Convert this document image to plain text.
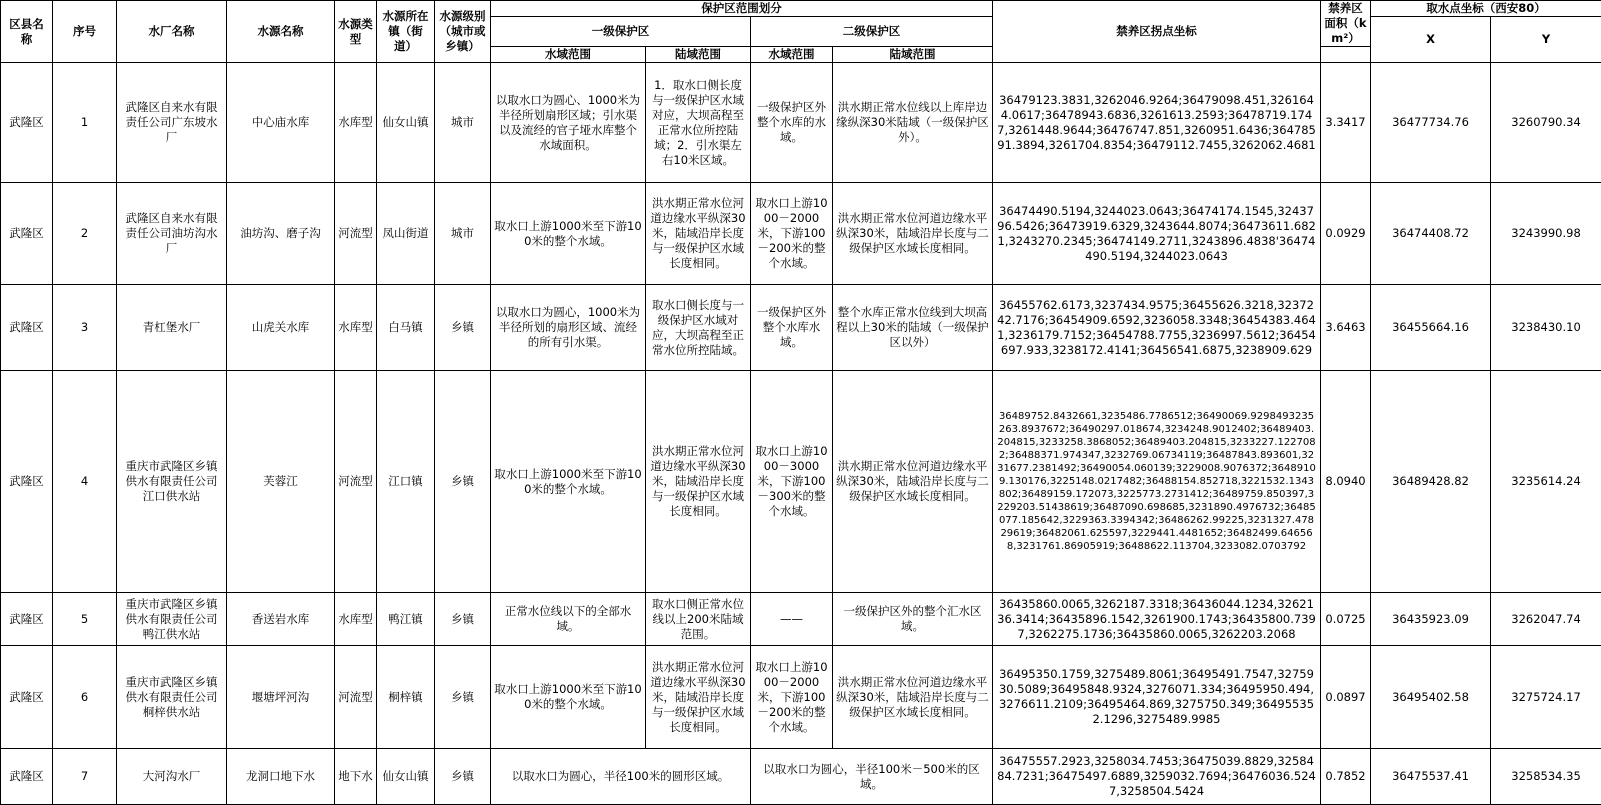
区县名称	序号	水厂名称	水源名称	水源类型	水源所在镇（街道）	水源级别（城市或乡镇）	保护区范围划分				禁养区拐点坐标	禁养区面积（km²）	取水点坐标（西安80）	
							一级保护区		二级保护区				X	Y
							水域范围	陆域范围	水域范围	陆域范围				
武隆区	1	武隆区自来水有限责任公司广东坡水厂	中心庙水库	水库型	仙女山镇	城市	以取水口为圆心、1000米为半径所划扇形区域；引水渠以及流经的官子垭水库整个水域面积。	1．取水口侧长度与一级保护区水域对应，大坝高程至正常水位所控陆域；2．引水渠左右10米区域。	一级保护区外整个水库的水域。	洪水期正常水位线以上库岸边缘纵深30米陆域（一级保护区外）。	36479123.3831,3262046.9264;36479098.451,3261644.0617;36478943.6836,3261613.2593;36478719.1747,3261448.9644;36476747.851,3260951.6436;36478591.3894,3261704.8354;36479112.7455,3262062.4681	3.3417	36477734.76	3260790.34
武隆区	2	武隆区自来水有限责任公司油坊沟水厂	油坊沟、磨子沟	河流型	凤山街道	城市	取水口上游1000米至下游100米的整个水域。	洪水期正常水位河道边缘水平纵深30米，陆域沿岸长度与一级保护区水域长度相同。	取水口上游1000－2000米，下游100－200米的整个水域。	洪水期正常水位河道边缘水平纵深30米，陆域沿岸长度与二级保护区水域长度相同。	36474490.5194,3244023.0643;36474174.1545,3243796.5426;36473919.6329,3243644.8074;36473611.6821,3243270.2345;36474149.2711,3243896.4838'36474490.5194,3244023.0643	0.0929	36474408.72	3243990.98
武隆区	3	青杠堡水厂	山虎关水库	水库型	白马镇	乡镇	以取水口为圆心，1000米为半径所划的扇形区域、流经的所有引水渠。	取水口侧长度与一级保护区水域对应，大坝高程至正常水位所控陆域。	一级保护区外整个水库水域。	整个水库正常水位线到大坝高程以上30米的陆域（一级保护区以外）	36455762.6173,3237434.9575;36455626.3218,3237242.7176;36454909.6592,3236058.3348;36454383.4641,3236179.7152;36454788.7755,3236997.5612;36454697.933,3238172.4141;36456541.6875,3238909.629	3.6463	36455664.16	3238430.10
武隆区	4	重庆市武隆区乡镇供水有限责任公司江口供水站	芙蓉江	河流型	江口镇	乡镇	取水口上游1000米至下游100米的整个水域。	洪水期正常水位河道边缘水平纵深30米，陆域沿岸长度与一级保护区水域长度相同。	取水口上游1000－3000米，下游100－300米的整个水域。	洪水期正常水位河道边缘水平纵深30米，陆域沿岸长度与二级保护区水域长度相同。	36489752.8432661,3235486.7786512;36490069.9298493235263.8937672;36490297.018674,3234248.9012402;36489403.204815,3233258.3868052;36489403.204815,3233227.1227082;36488371.974347,3232769.06734119;36487843.893601,3231677.2381492;36490054.060139;3229008.9076372;36489109.130176,3225148.0217482;36488154.852718,3221532.1343802;36489159.172073,3225773.2731412;36489759.850397,3229203.51438619;36487090.698685,3231890.4976732;36485077.185642,3229363.3394342;36486262.99225,3231327.47829619;36482061.625597,3229441.4481652;36482499.646568,3231761.86905919;36488622.113704,3233082.0703792	8.0940	36489428.82	3235614.24
武隆区	5	重庆市武隆区乡镇供水有限责任公司鸭江供水站	香送岩水库	水库型	鸭江镇	乡镇	正常水位线以下的全部水域。	取水口侧正常水位线以上200米陆域范围。	——	一级保护区外的整个汇水区域。	36435860.0065,3262187.3318;36436044.1234,3262136.3414;36435896.1542,3261900.1743;36435800.7397,3262275.1736;36435860.0065,3262203.2068	0.0725	36435923.09	3262047.74
武隆区	6	重庆市武隆区乡镇供水有限责任公司桐梓供水站	堰塘坪河沟	河流型	桐梓镇	乡镇	取水口上游1000米至下游100米的整个水域。	洪水期正常水位河道边缘水平纵深30米，陆域沿岸长度与一级保护区水域长度相同。	取水口上游1000－2000米，下游100－200米的整个水域。	洪水期正常水位河道边缘水平纵深30米，陆域沿岸长度与二级保护区水域长度相同。	36495350.1759,3275489.8061;36495491.7547,3275930.5089;36495848.9324,3276071.334;36495950.494,3276611.2109;36495464.869,3275750.349;364955352.1296,3275489.9985	0.0897	36495402.58	3275724.17
武隆区	7	大河沟水厂	龙洞口地下水	地下水	仙女山镇	乡镇	以取水口为圆心，半径100米的圆形区域。		以取水口为圆心，半径100米－500米的区域。		36475557.2923,3258034.7453;36475039.8829,3258484.7231;36475497.6889,3259032.7694;36476036.5247,3258504.5424	0.7852	36475537.41	3258534.35
